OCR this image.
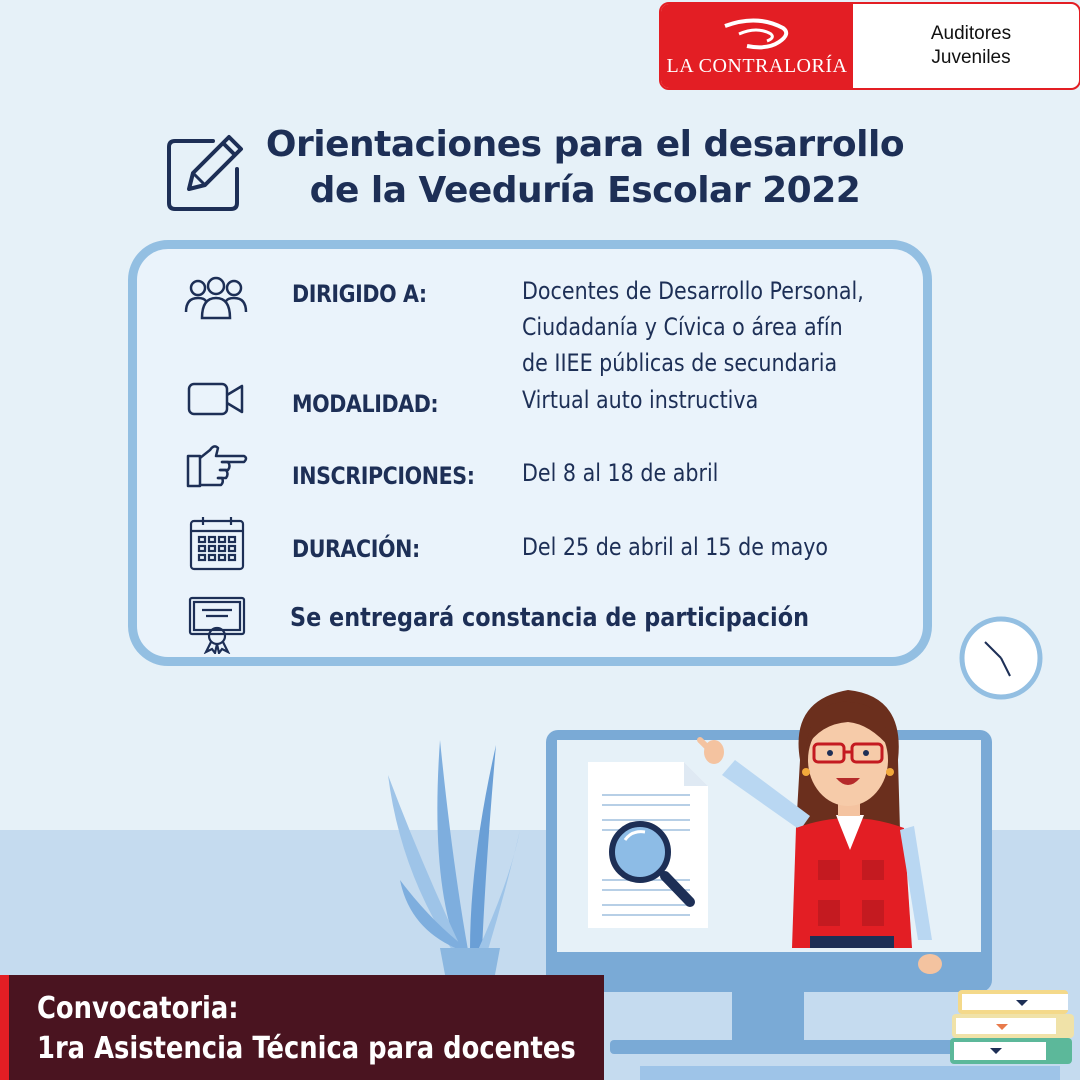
LA CONTRALORÍA
Auditores
Juveniles
Orientaciones para el desarrollo
de la Veeduría Escolar 2022
DIRIGIDO A:	Docentes de Desarrollo Personal,
Ciudadanía y Cívica o área afín
de IIEE públicas de secundaria
MODALIDAD:	Virtual auto instructiva
INSCRIPCIONES: Del 8 al 18 de abril
DURACIÓN:	Del 25 de abril al 15 de mayo
Se entregará constancia de participación
Convocatoria:
1ra Asistencia Técnica para docentes
